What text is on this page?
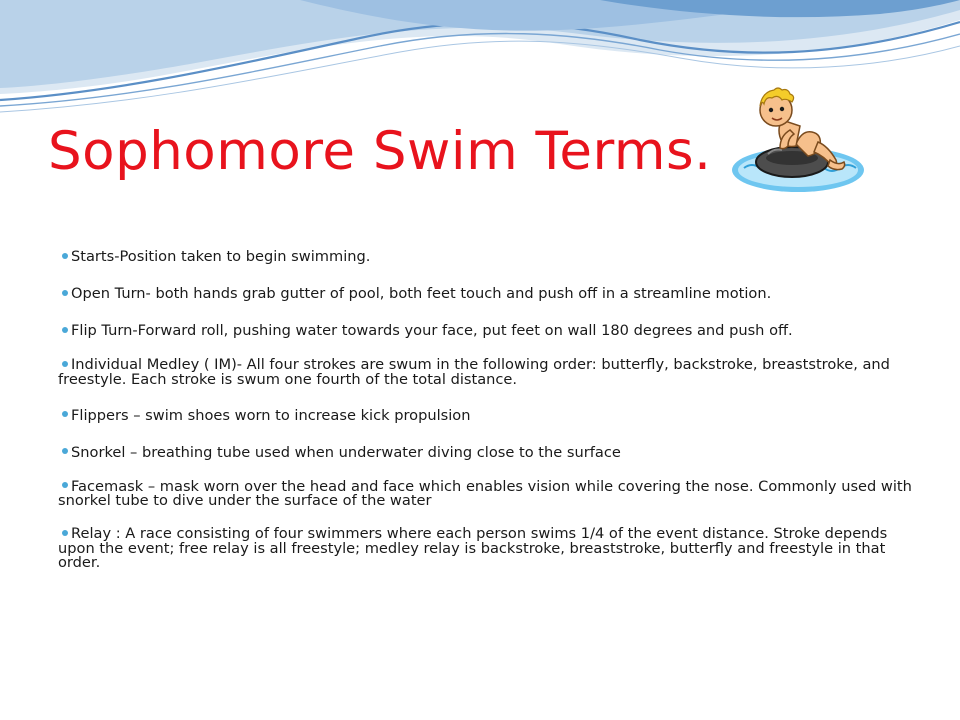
Sophomore Swim Terms.
Starts-Position taken to begin swimming.
Open Turn- both hands grab gutter of pool, both feet touch and push off in a streamline motion.
Flip Turn-Forward roll, pushing water towards your face, put feet on wall 180 degrees and push off.
Individual Medley ( IM)- All four strokes are swum in the following order: butterfly, backstroke, breaststroke, and freestyle. Each stroke is swum one fourth of the total distance.
Flippers – swim shoes worn to increase kick propulsion
Snorkel – breathing tube used when underwater diving close to the surface
Facemask – mask worn over the head and face which enables vision while covering the nose. Commonly used with snorkel tube to dive under the surface of the water
Relay : A race consisting of four swimmers where each person swims 1/4 of the event distance. Stroke depends upon the event; free relay is all freestyle; medley relay is backstroke, breaststroke, butterfly and freestyle in that order.
